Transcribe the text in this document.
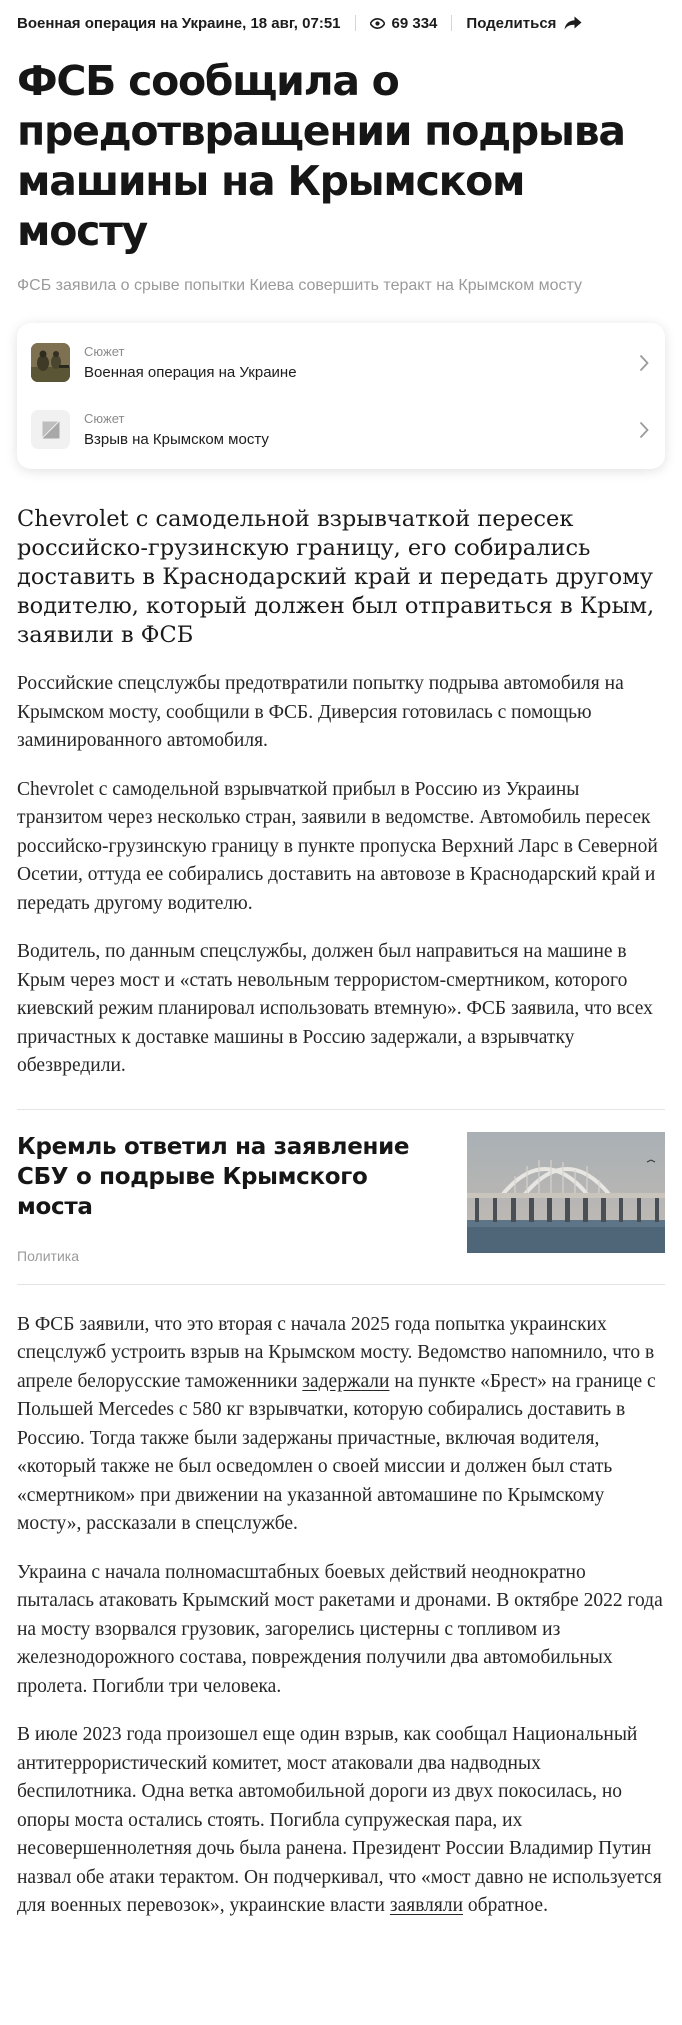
Военная операция на Украине, 18 авг, 07:51	69 334 Поделиться
ФСБ сообщила о предотвращении подрыва машины на Крымском мосту
ФСБ заявила о срыве попытки Киева совершить теракт на Крымском мосту
Сюжет
Военная операция на Украине
Сюжет
Взрыв на Крымском мосту
Chevrolet с самодельной взрывчаткой пересек российско-грузинскую границу, его собирались доставить в Краснодарский край и передать другому водителю, который должен был отправиться в Крым, заявили в ФСБ

Российские спецслужбы предотвратили попытку подрыва автомобиля на Крымском мосту, сообщили в ФСБ. Диверсия готовилась с помощью заминированного автомобиля.

Chevrolet с самодельной взрывчаткой прибыл в Россию из Украины транзитом через несколько стран, заявили в ведомстве. Автомобиль пересек российско-грузинскую границу в пункте пропуска Верхний Ларс в Северной Осетии, оттуда ее собирались доставить на автовозе в Краснодарский край и передать другому водителю.

Водитель, по данным спецслужбы, должен был направиться на машине в Крым через мост и «стать невольным террористом-смертником, которого киевский режим планировал использовать втемную». ФСБ заявила, что всех причастных к доставке машины в Россию задержали, а взрывчатку обезвредили.

Кремль ответил на заявление СБУ о подрыве Крымского моста
Политика

В ФСБ заявили, что это вторая с начала 2025 года попытка украинских спецслужб устроить взрыв на Крымском мосту. Ведомство напомнило, что в апреле белорусские таможенники задержали на пункте «Брест» на границе с Польшей Mercedes с 580 кг взрывчатки, которую собирались доставить в Россию. Тогда также были задержаны причастные, включая водителя, «который также не был осведомлен о своей миссии и должен был стать «смертником» при движении на указанной автомашине по Крымскому мосту», рассказали в спецслужбе.

Украина с начала полномасштабных боевых действий неоднократно пыталась атаковать Крымский мост ракетами и дронами. В октябре 2022 года на мосту взорвался грузовик, загорелись цистерны с топливом из железнодорожного состава, повреждения получили два автомобильных пролета. Погибли три человека.

В июле 2023 года произошел еще один взрыв, как сообщал Национальный антитеррористический комитет, мост атаковали два надводных беспилотника. Одна ветка автомобильной дороги из двух покосилась, но опоры моста остались стоять. Погибла супружеская пара, их несовершеннолетняя дочь была ранена. Президент России Владимир Путин назвал обе атаки терактом. Он подчеркивал, что «мост давно не используется для военных перевозок», украинские власти заявляли обратное.
